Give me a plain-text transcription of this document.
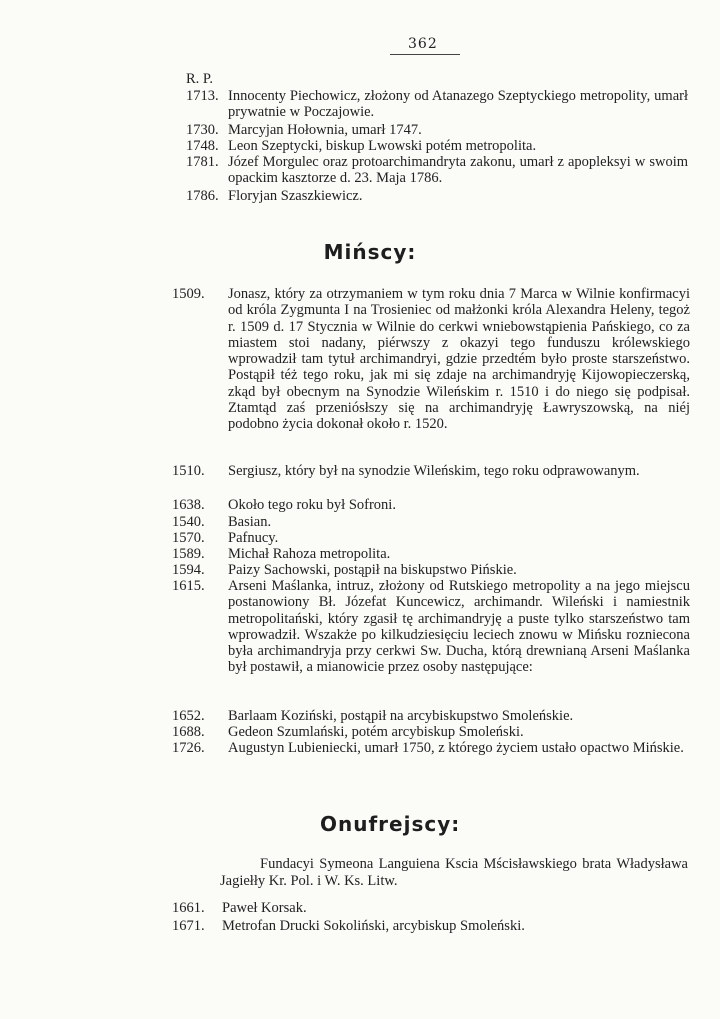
362
R. P.
1713. Innocenty Piechowicz, złożony od Atanazego Szeptyckiego metropolity, umarł prywatnie w Poczajowie.
1730. Marcyjan Hołownia, umarł 1747.
1748. Leon Szeptycki, biskup Lwowski potém metropolita.
1781. Józef Morgulec oraz protoarchimandryta zakonu, umarł z apopleksyi w swoim opackim kasztorze d. 23. Maja 1786.
1786. Floryjan Szaszkiewicz.
Mińscy:
1509. Jonasz, który za otrzymaniem w tym roku dnia 7 Marca w Wilnie konfirmacyi od króla Zygmunta I na Trosieniec od małżonki króla Alexandra Heleny, tegoż r. 1509 d. 17 Stycznia w Wilnie do cerkwi wniebowstąpienia Pańskiego, co za miastem stoi nadany, piérwszy z okazyi tego funduszu królewskiego wprowadził tam tytuł archimandryi, gdzie przedtém było proste starszeństwo. Postąpił téż tego roku, jak mi się zdaje na archimandryję Kijowopieczerską, zkąd był obecnym na Synodzie Wileńskim r. 1510 i do niego się podpisał. Ztamtąd zaś przeniósłszy się na archimandryję Ławryszowską, na niéj podobno życia dokonał około r. 1520.
1510. Sergiusz, który był na synodzie Wileńskim, tego roku odprawowanym.
1638. Około tego roku był Sofroni.
1540. Basian.
1570. Pafnucy.
1589. Michał Rahoza metropolita.
1594. Paizy Sachowski, postąpił na biskupstwo Pińskie.
1615. Arseni Maślanka, intruz, złożony od Rutskiego metropolity a na jego miejscu postanowiony Bł. Józefat Kuncewicz, archimandr. Wileński i namiestnik metropolitański, który zgasił tę archimandryję a puste tylko starszeństwo tam wprowadził. Wszakże po kilkudziesięciu leciech znowu w Mińsku rozniecona była archimandryja przy cerkwi Sw. Ducha, którą drewnianą Arseni Maślanka był postawił, a mianowicie przez osoby następujące:
1652. Barlaam Koziński, postąpił na arcybiskupstwo Smoleńskie.
1688. Gedeon Szumlański, potém arcybiskup Smoleński.
1726. Augustyn Lubieniecki, umarł 1750, z którego życiem ustało opactwo Mińskie.
Onufrejscy:
Fundacyi Symeona Languiena Kscia Mścisławskiego brata Władysława Jagiełły Kr. Pol. i W. Ks. Litw.
1661. Paweł Korsak.
1671. Metrofan Drucki Sokoliński, arcybiskup Smoleński.
